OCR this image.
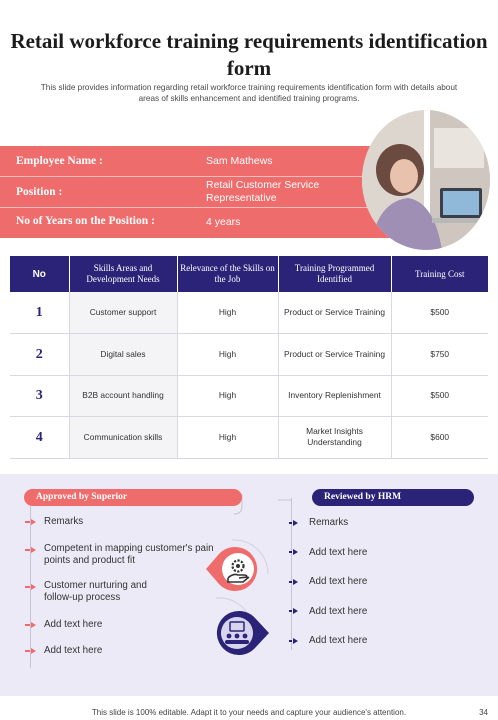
Retail workforce training requirements identification form
This slide provides information regarding retail workforce training requirements identification form with details about areas of skills enhancement and identified training programs.
Employee Name :	Sam Mathews
Position :
Retail Customer Service Representative
No of Years on the Position :	4 years
No	Skills Areas and Development Needs	Relevance of the Skills on the Job	Training Programmed Identified	Training Cost
1	Customer support	High	Product or Service Training	$500
2	Digital sales	High	Product or Service Training	$750
3	B2B account handling	High	Inventory Replenishment	$500
4	Communication skills	High	Market Insights Understanding	$600
Approved by Superior	Reviewed by HRM
Remarks
Competent in mapping customer's pain points and product fit
Customer nurturing and follow-up process
Add text here
Add text here
Remarks
Add text here
Add text here
Add text here
Add text here
This slide is 100% editable. Adapt it to your needs and capture your audience's attention.	34
